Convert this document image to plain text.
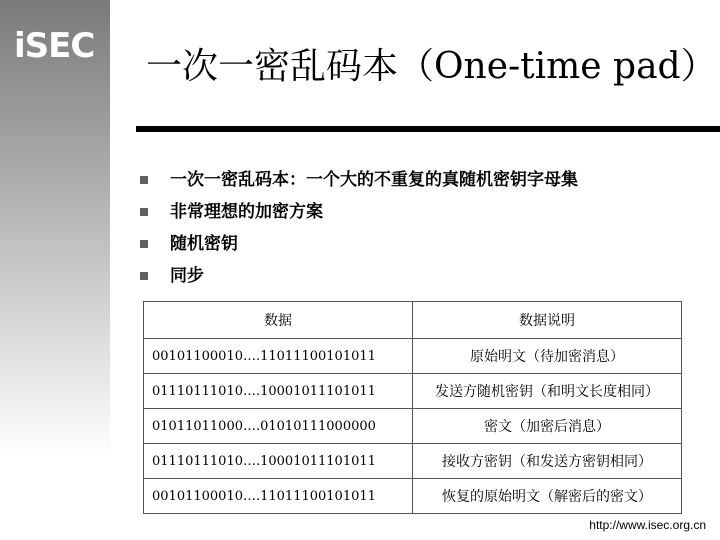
iSEC 一次一密乱码本（One-time pad）
一次一密乱码本：一个大的不重复的真随机密钥字母集
非常理想的加密方案
随机密钥
同步
数据	数据说明
00101100010….11011100101011	原始明文（待加密消息）
01110111010….10001011101011	发送方随机密钥（和明文长度相同）
01011011000….01010111000000	密文（加密后消息）
01110111010….10001011101011	接收方密钥（和发送方密钥相同）
00101100010….11011100101011	恢复的原始明文（解密后的密文）
http://www.isec.org.cn
